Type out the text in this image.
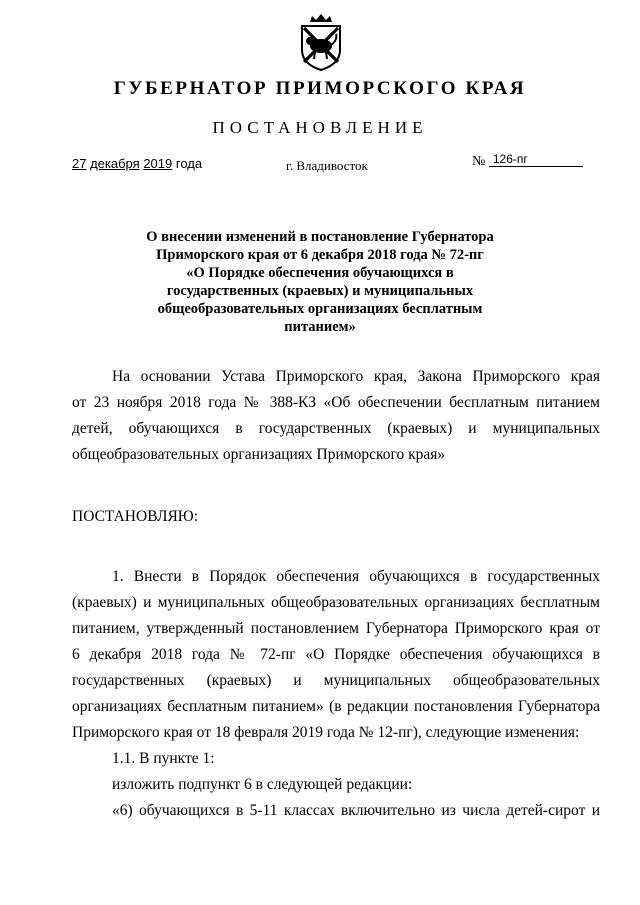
ГУБЕРНАТОР ПРИМОРСКОГО КРАЯ
ПОСТАНОВЛЕНИЕ
27 декабря 2019 года	г. Владивосток	№ 126-пг
О внесении изменений в постановление Губернатора
Приморского края от 6 декабря 2018 года № 72-пг
«О Порядке обеспечения обучающихся в
государственных (краевых) и муниципальных
общеобразовательных организациях бесплатным
питанием»
На основании Устава Приморского края, Закона Приморского края
от 23 ноября 2018 года № 388-КЗ «Об обеспечении бесплатным питанием
детей, обучающихся в государственных (краевых) и муниципальных
общеобразовательных организациях Приморского края»
ПОСТАНОВЛЯЮ:
1. Внести в Порядок обеспечения обучающихся в государственных
(краевых) и муниципальных общеобразовательных организациях бесплатным
питанием, утвержденный постановлением Губернатора Приморского края от
6 декабря 2018 года № 72-пг «О Порядке обеспечения обучающихся в
государственных (краевых) и муниципальных общеобразовательных
организациях бесплатным питанием» (в редакции постановления Губернатора
Приморского края от 18 февраля 2019 года № 12-пг), следующие изменения:
1.1. В пункте 1:
изложить подпункт 6 в следующей редакции:
«6) обучающихся в 5-11 классах включительно из числа детей-сирот и
